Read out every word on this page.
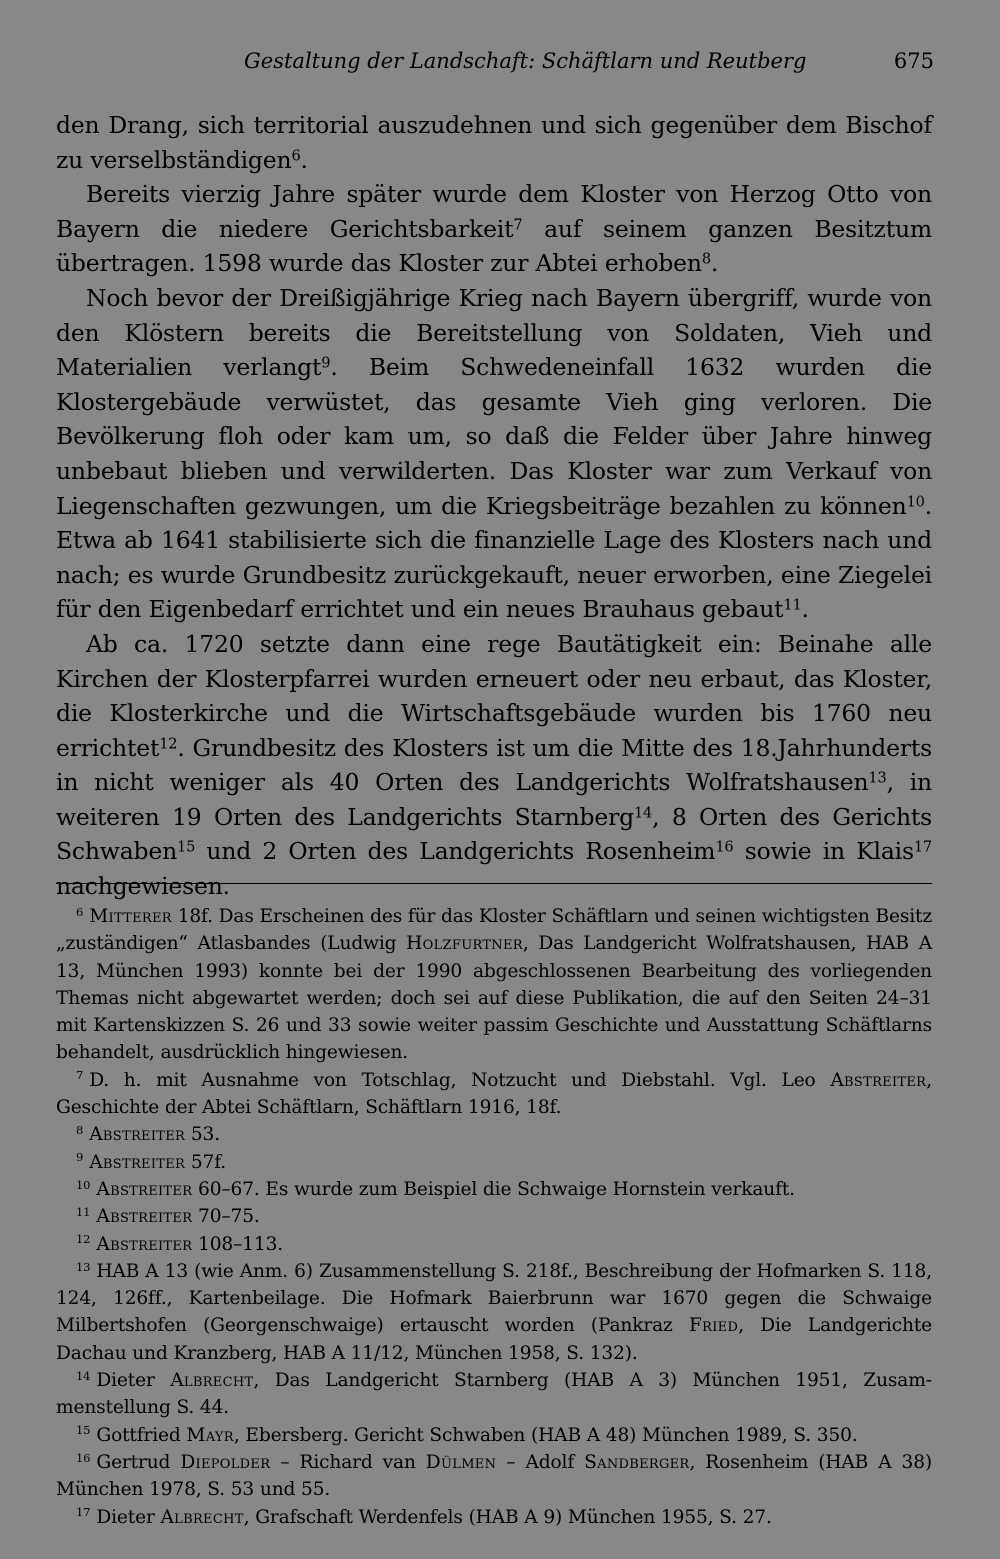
Gestaltung der Landschaft: Schäftlarn und Reutberg	675

den Drang, sich territorial auszudehnen und sich gegenüber dem Bischof zu verselbständigen$^6$.

Bereits vierzig Jahre später wurde dem Kloster von Herzog Otto von Bayern die niedere Gerichtsbarkeit$^7$ auf seinem ganzen Besitztum übertragen. 1598 wurde das Kloster zur Abtei erhoben$^8$.

Noch bevor der Dreißigjährige Krieg nach Bayern übergriff, wurde von den Klöstern bereits die Bereitstellung von Soldaten, Vieh und Materialien verlangt$^9$. Beim Schwedeneinfall 1632 wurden die Klostergebäude verwüstet, das gesamte Vieh ging verloren. Die Bevölkerung floh oder kam um, so daß die Felder über Jahre hinweg unbebaut blieben und verwilderten. Das Kloster war zum Verkauf von Liegenschaften gezwungen, um die Kriegsbeiträge bezahlen zu können$^{10}$. Etwa ab 1641 stabilisierte sich die finanzielle Lage des Klosters nach und nach; es wurde Grundbesitz zurückgekauft, neuer erworben, eine Ziegelei für den Eigenbedarf errichtet und ein neues Brauhaus gebaut$^{11}$.

Ab ca. 1720 setzte dann eine rege Bautätigkeit ein: Beinahe alle Kirchen der Klosterpfarrei wurden erneuert oder neu erbaut, das Kloster, die Klosterkirche und die Wirtschaftsgebäude wurden bis 1760 neu errichtet$^{12}$. Grundbesitz des Klosters ist um die Mitte des 18.Jahrhunderts in nicht weniger als 40 Orten des Landgerichts Wolfratshausen$^{13}$, in weiteren 19 Orten des Landgerichts Starnberg$^{14}$, 8 Orten des Gerichts Schwaben$^{15}$ und 2 Orten des Landgerichts Rosenheim$^{16}$ sowie in Klais$^{17}$ nachgewiesen.

$^6$ Mitterer 18f. Das Erscheinen des für das Kloster Schäftlarn und seinen wichtigsten Besitz „zuständigen“ Atlasbandes (Ludwig Holzfurtner, Das Landgericht Wolfratshausen, HAB A 13, München 1993) konnte bei der 1990 abgeschlossenen Bearbeitung des vorliegenden Themas nicht abgewartet werden; doch sei auf diese Publikation, die auf den Seiten 24–31 mit Kartenskizzen S. 26 und 33 sowie weiter passim Geschichte und Ausstattung Schäftlarns behandelt, ausdrücklich hingewiesen.

$^7$ D. h. mit Ausnahme von Totschlag, Notzucht und Diebstahl. Vgl. Leo Abstreiter, Geschichte der Abtei Schäftlarn, Schäftlarn 1916, 18f.

$^8$ Abstreiter 53.

$^9$ Abstreiter 57f.

$^{10}$ Abstreiter 60–67. Es wurde zum Beispiel die Schwaige Hornstein verkauft.

$^{11}$ Abstreiter 70–75.

$^{12}$ Abstreiter 108–113.

$^{13}$ HAB A 13 (wie Anm. 6) Zusammenstellung S. 218f., Beschreibung der Hofmarken S. 118, 124, 126ff., Kartenbeilage. Die Hofmark Baierbrunn war 1670 gegen die Schwaige Milbertshofen (Georgenschwaige) ertauscht worden (Pankraz Fried, Die Landgerichte Dachau und Kranzberg, HAB A 11/12, München 1958, S. 132).

$^{14}$ Dieter Albrecht, Das Landgericht Starnberg (HAB A 3) München 1951, Zusammenstellung S. 44.

$^{15}$ Gottfried Mayr, Ebersberg. Gericht Schwaben (HAB A 48) München 1989, S. 350.

$^{16}$ Gertrud Diepolder – Richard van Dülmen – Adolf Sandberger, Rosenheim (HAB A 38) München 1978, S. 53 und 55.

$^{17}$ Dieter Albrecht, Grafschaft Werdenfels (HAB A 9) München 1955, S. 27.
